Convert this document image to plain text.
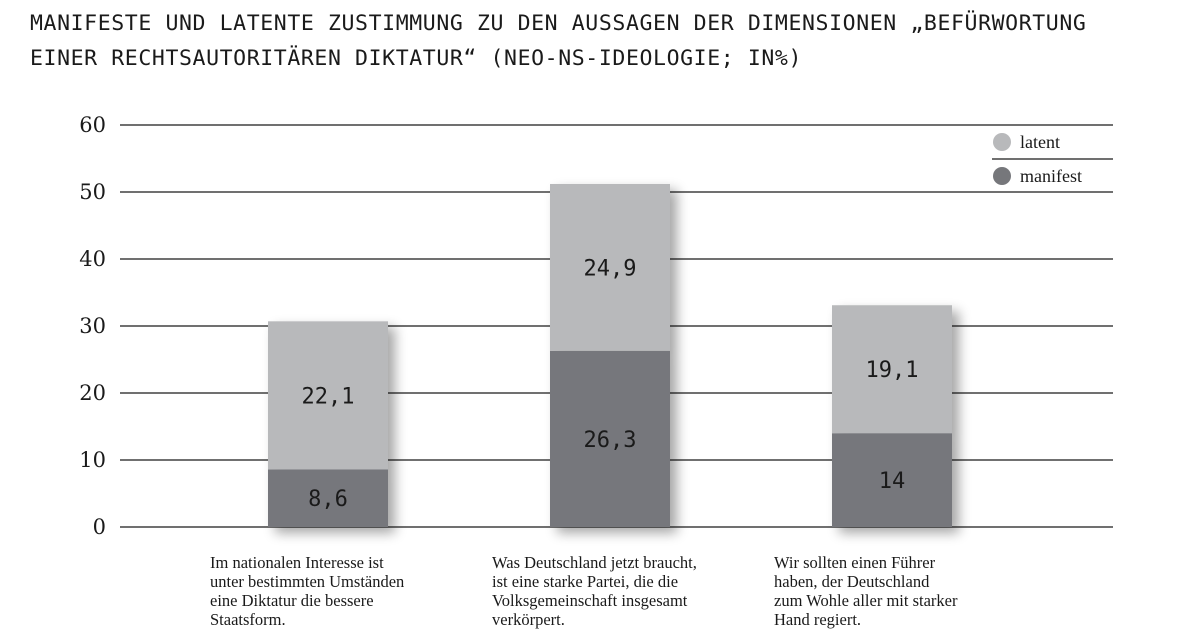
MANIFESTE UND LATENTE ZUSTIMMUNG ZU DEN AUSSAGEN DER DIMENSIONEN „BEFÜRWORTUNG
EINER RECHTSAUTORITÄREN DIKTATUR“ (NEO-NS-IDEOLOGIE; IN%)
0
10
20
30
40
50
60
8,6
22,1
26,3
24,9
14
19,1
latent
manifest
Im nationalen Interesse ist
unter bestimmten Umständen
eine Diktatur die bessere
Staatsform.
Was Deutschland jetzt braucht,
ist eine starke Partei, die die
Volksgemeinschaft insgesamt
verkörpert.
Wir sollten einen Führer
haben, der Deutschland
zum Wohle aller mit starker
Hand regiert.
